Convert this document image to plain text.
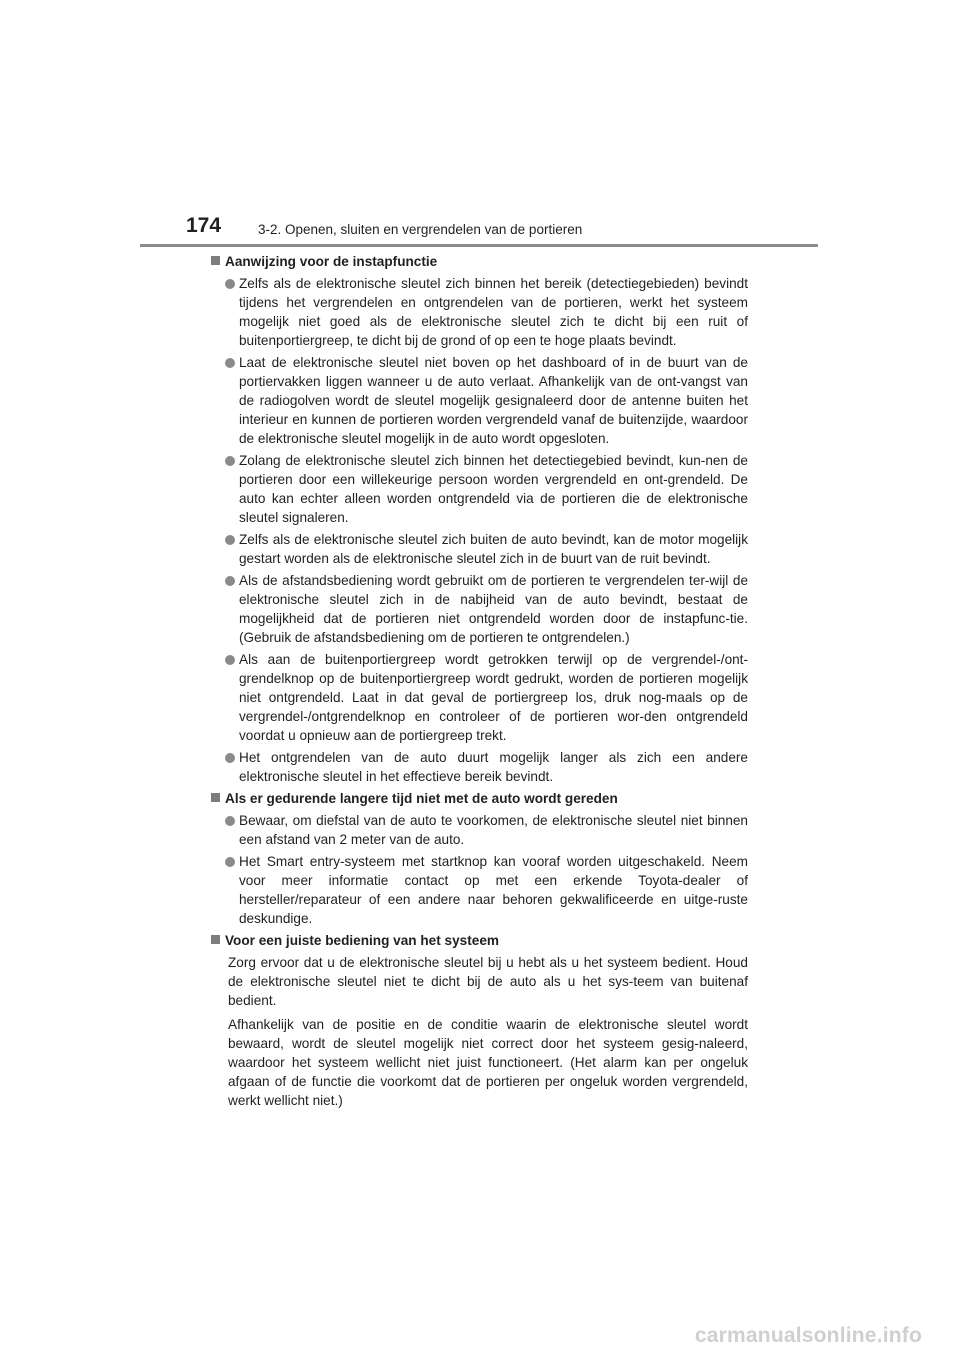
174	3-2. Openen, sluiten en vergrendelen van de portieren
Aanwijzing voor de instapfunctie
Zelfs als de elektronische sleutel zich binnen het bereik (detectiegebieden) bevindt tijdens het vergrendelen en ontgrendelen van de portieren, werkt het systeem mogelijk niet goed als de elektronische sleutel zich te dicht bij een ruit of buitenportiergreep, te dicht bij de grond of op een te hoge plaats bevindt.
Laat de elektronische sleutel niet boven op het dashboard of in de buurt van de portiervakken liggen wanneer u de auto verlaat. Afhankelijk van de ont-vangst van de radiogolven wordt de sleutel mogelijk gesignaleerd door de antenne buiten het interieur en kunnen de portieren worden vergrendeld vanaf de buitenzijde, waardoor de elektronische sleutel mogelijk in de auto wordt opgesloten.
Zolang de elektronische sleutel zich binnen het detectiegebied bevindt, kun-nen de portieren door een willekeurige persoon worden vergrendeld en ont-grendeld. De auto kan echter alleen worden ontgrendeld via de portieren die de elektronische sleutel signaleren.
Zelfs als de elektronische sleutel zich buiten de auto bevindt, kan de motor mogelijk gestart worden als de elektronische sleutel zich in de buurt van de ruit bevindt.
Als de afstandsbediening wordt gebruikt om de portieren te vergrendelen ter-wijl de elektronische sleutel zich in de nabijheid van de auto bevindt, bestaat de mogelijkheid dat de portieren niet ontgrendeld worden door de instapfunc-tie. (Gebruik de afstandsbediening om de portieren te ontgrendelen.)
Als aan de buitenportiergreep wordt getrokken terwijl op de vergrendel-/ont-grendelknop op de buitenportiergreep wordt gedrukt, worden de portieren mogelijk niet ontgrendeld. Laat in dat geval de portiergreep los, druk nog-maals op de vergrendel-/ontgrendelknop en controleer of de portieren wor-den ontgrendeld voordat u opnieuw aan de portiergreep trekt.
Het ontgrendelen van de auto duurt mogelijk langer als zich een andere elektronische sleutel in het effectieve bereik bevindt.
Als er gedurende langere tijd niet met de auto wordt gereden
Bewaar, om diefstal van de auto te voorkomen, de elektronische sleutel niet binnen een afstand van 2 meter van de auto.
Het Smart entry-systeem met startknop kan vooraf worden uitgeschakeld. Neem voor meer informatie contact op met een erkende Toyota-dealer of hersteller/reparateur of een andere naar behoren gekwalificeerde en uitge-ruste deskundige.
Voor een juiste bediening van het systeem
Zorg ervoor dat u de elektronische sleutel bij u hebt als u het systeem bedient. Houd de elektronische sleutel niet te dicht bij de auto als u het sys-teem van buitenaf bedient.
Afhankelijk van de positie en de conditie waarin de elektronische sleutel wordt bewaard, wordt de sleutel mogelijk niet correct door het systeem gesig-naleerd, waardoor het systeem wellicht niet juist functioneert. (Het alarm kan per ongeluk afgaan of de functie die voorkomt dat de portieren per ongeluk worden vergrendeld, werkt wellicht niet.)
carmanualsonline.info
